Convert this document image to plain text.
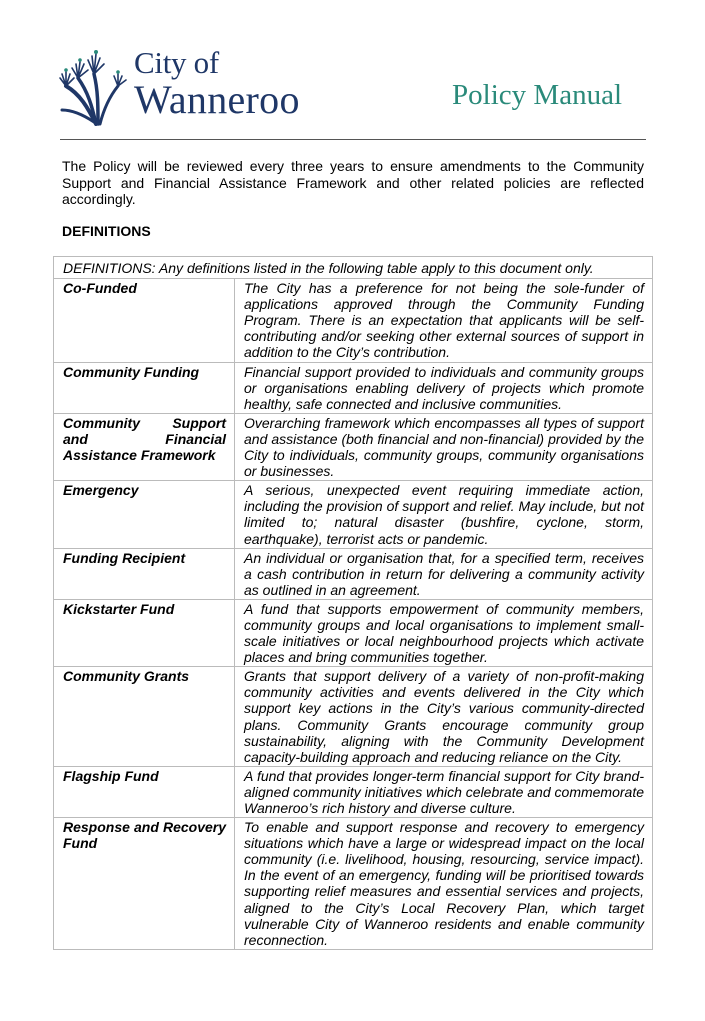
City of
Wanneroo	Policy Manual

The Policy will be reviewed every three years to ensure amendments to the Community Support and Financial Assistance Framework and other related policies are reflected accordingly.

DEFINITIONS
DEFINITIONS: Any definitions listed in the following table apply to this document only.	
Co-Funded	The City has a preference for not being the sole-funder of applications approved through the Community Funding Program. There is an expectation that applicants will be self-contributing and/or seeking other external sources of support in addition to the City’s contribution.
Community Funding	Financial support provided to individuals and community groups or organisations enabling delivery of projects which promote healthy, safe connected and inclusive communities.
Community Support and Financial Assistance Framework	Overarching framework which encompasses all types of support and assistance (both financial and non-financial) provided by the City to individuals, community groups, community organisations or businesses.
Emergency	A serious, unexpected event requiring immediate action, including the provision of support and relief. May include, but not limited to; natural disaster (bushfire, cyclone, storm, earthquake), terrorist acts or pandemic.
Funding Recipient	An individual or organisation that, for a specified term, receives a cash contribution in return for delivering a community activity as outlined in an agreement.
Kickstarter Fund	A fund that supports empowerment of community members, community groups and local organisations to implement small-scale initiatives or local neighbourhood projects which activate places and bring communities together.
Community Grants	Grants that support delivery of a variety of non-profit-making community activities and events delivered in the City which support key actions in the City’s various community-directed plans. Community Grants encourage community group sustainability, aligning with the Community Development capacity-building approach and reducing reliance on the City.
Flagship Fund	A fund that provides longer-term financial support for City brand-aligned community initiatives which celebrate and commemorate Wanneroo’s rich history and diverse culture.
Response and Recovery Fund	To enable and support response and recovery to emergency situations which have a large or widespread impact on the local community (i.e. livelihood, housing, resourcing, service impact). In the event of an emergency, funding will be prioritised towards supporting relief measures and essential services and projects, aligned to the City’s Local Recovery Plan, which target vulnerable City of Wanneroo residents and enable community reconnection.
